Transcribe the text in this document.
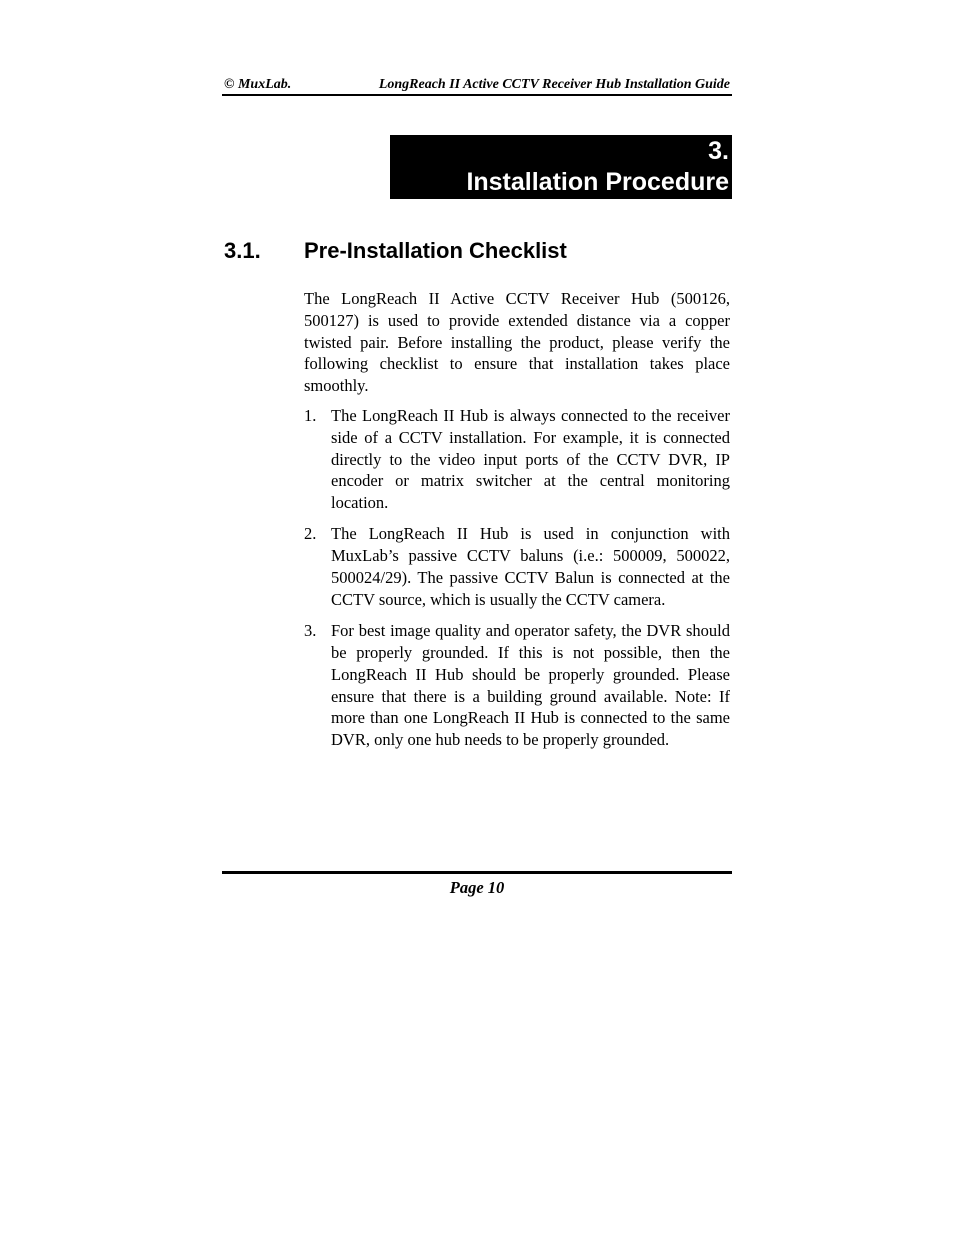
© MuxLab.	LongReach II Active CCTV Receiver Hub Installation Guide
3.
Installation Procedure
3.1. Pre-Installation Checklist

The LongReach II Active CCTV Receiver Hub (500126, 500127) is used to provide extended distance via a copper twisted pair. Before installing the product, please verify the following checklist to ensure that installation takes place smoothly.

1. The LongReach II Hub is always connected to the receiver side of a CCTV installation. For example, it is connected directly to the video input ports of the CCTV DVR, IP encoder or matrix switcher at the central monitoring location.
2. The LongReach II Hub is used in conjunction with MuxLab’s passive CCTV baluns (i.e.: 500009, 500022, 500024/29). The passive CCTV Balun is connected at the CCTV source, which is usually the CCTV camera.
3. For best image quality and operator safety, the DVR should be properly grounded. If this is not possible, then the LongReach II Hub should be properly grounded. Please ensure that there is a building ground available. Note: If more than one LongReach II Hub is connected to the same DVR, only one hub needs to be properly grounded.
Page 10
